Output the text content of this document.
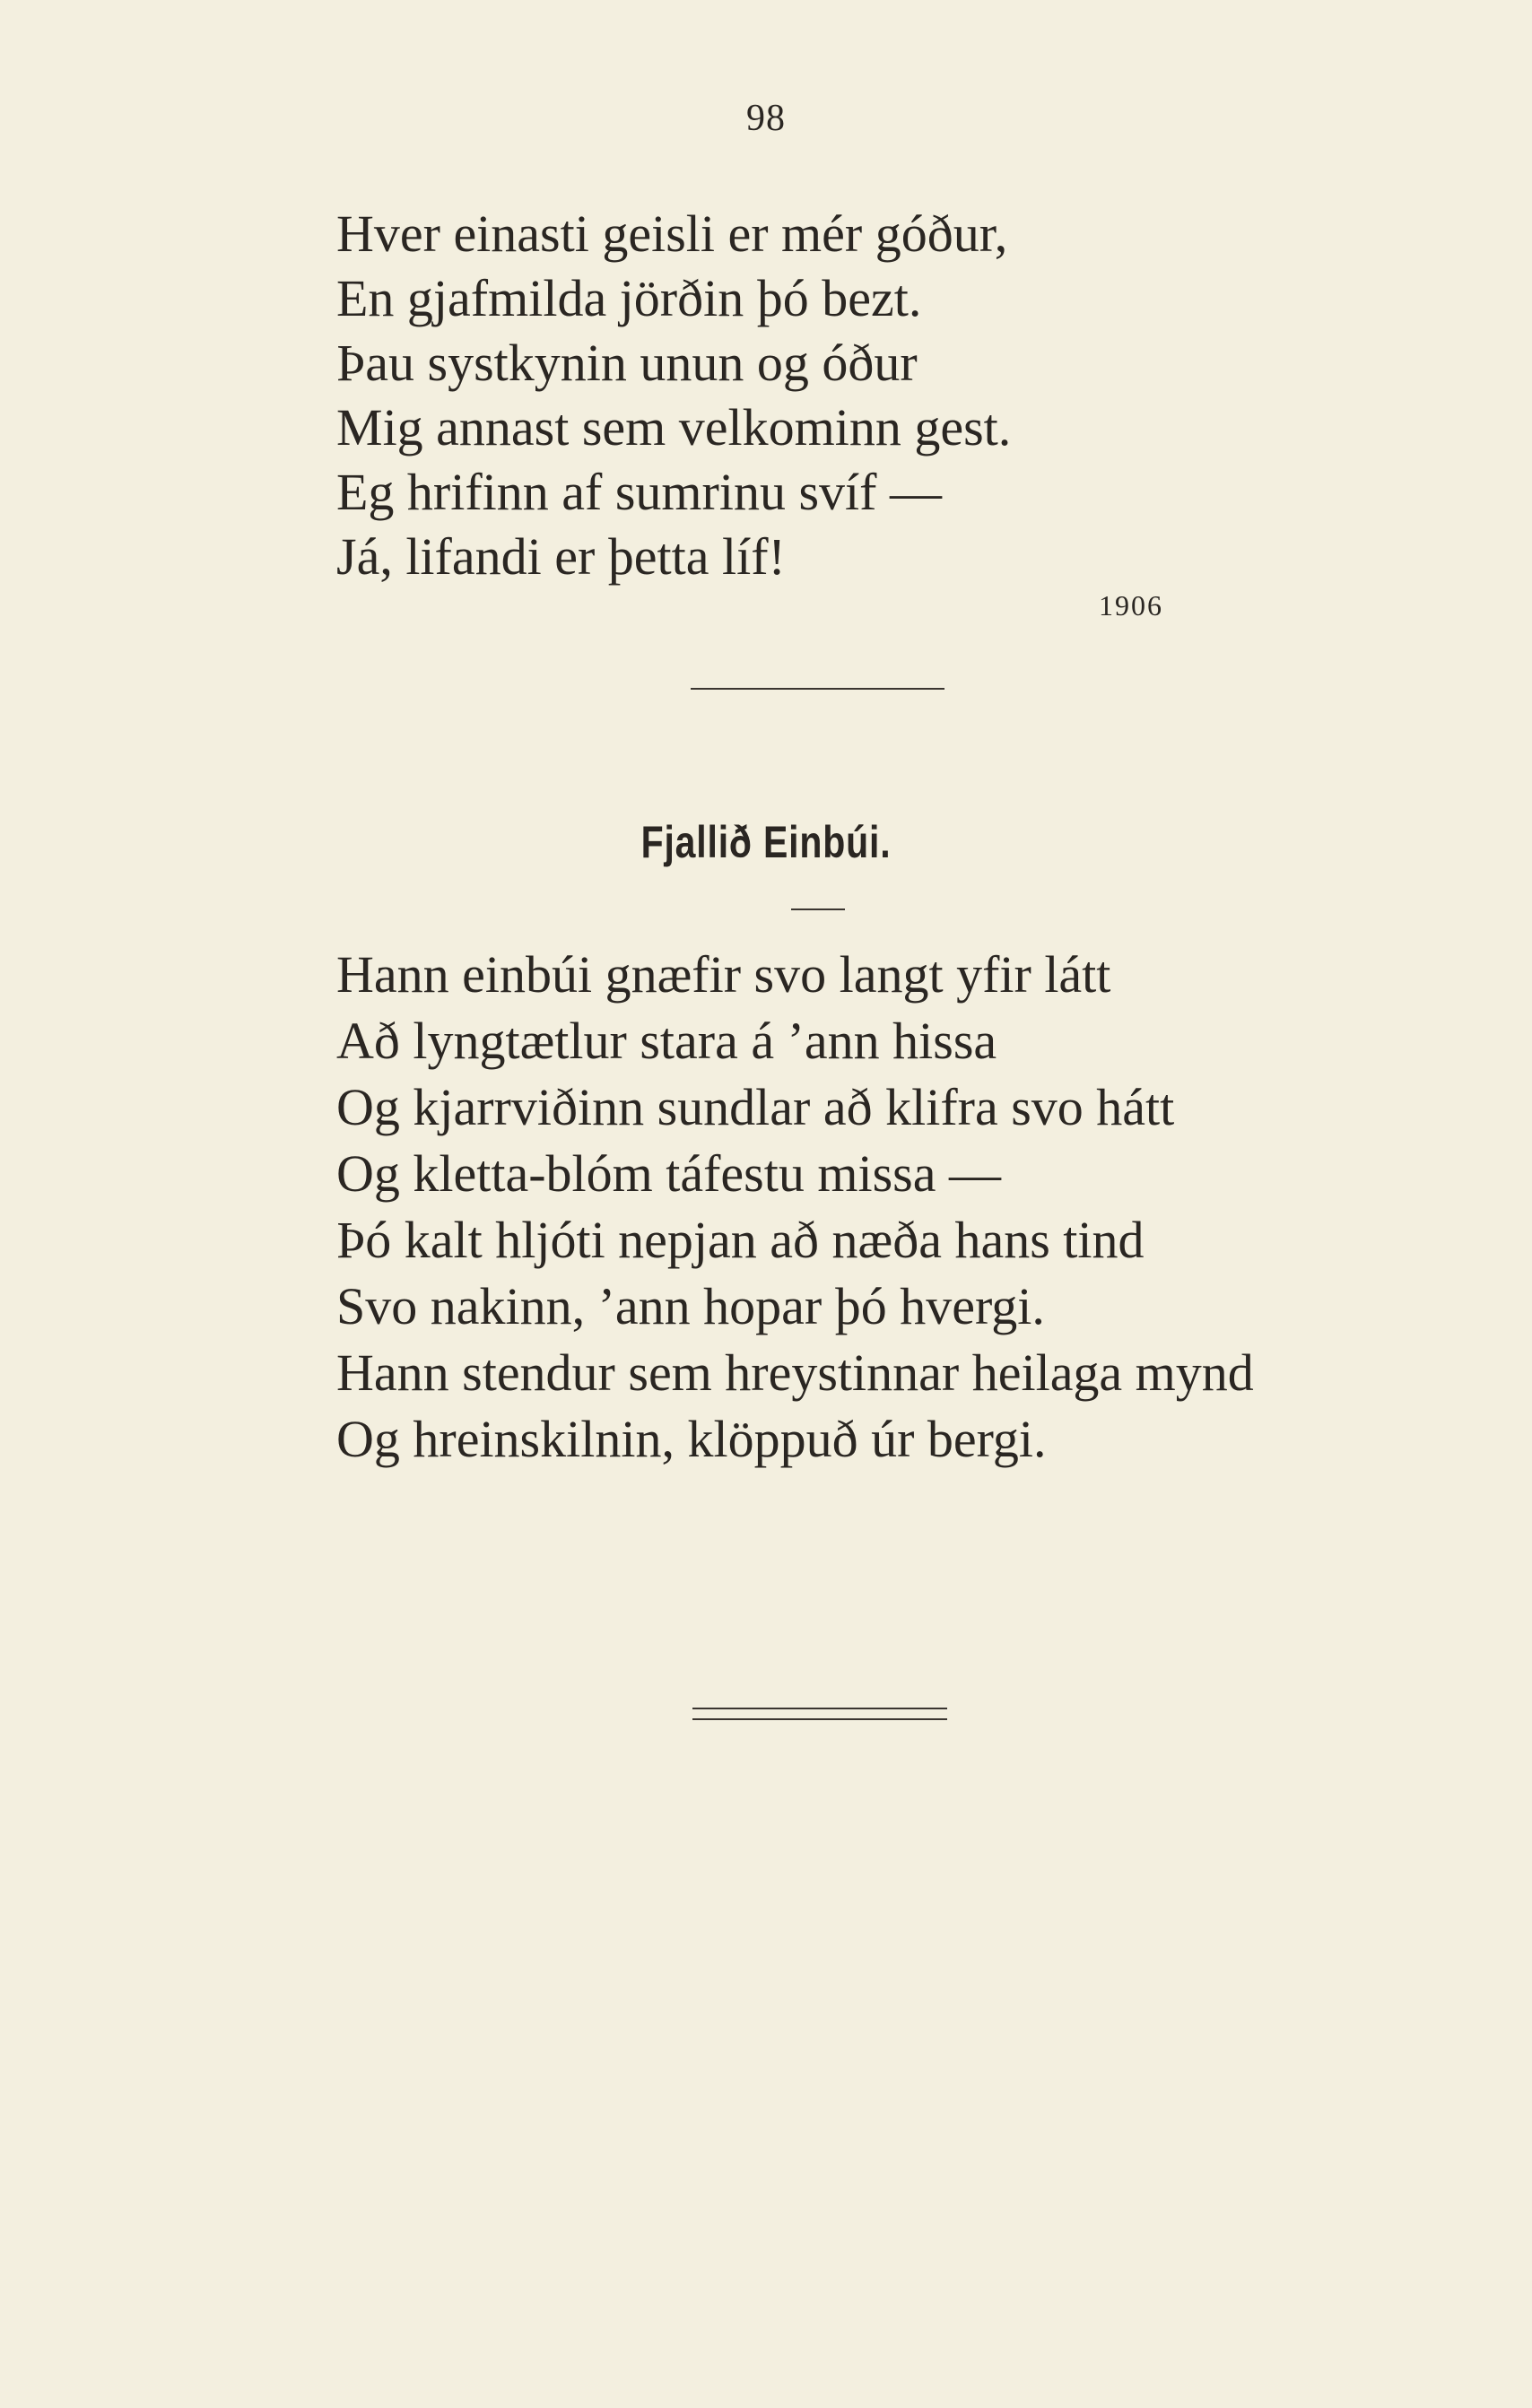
98
Hver einasti geisli er mér góður,
En gjafmilda jörðin þó bezt.
Þau systkynin unun og óður
Mig annast sem velkominn gest.
Eg hrifinn af sumrinu svíf —
Já, lifandi er þetta líf!
1906
Fjallið Einbúi.
Hann einbúi gnæfir svo langt yfir látt
Að lyngtætlur stara á ’ann hissa
Og kjarrviðinn sundlar að klifra svo hátt
Og kletta-blóm táfestu missa —
Þó kalt hljóti nepjan að næða hans tind
Svo nakinn, ’ann hopar þó hvergi.
Hann stendur sem hreystinnar heilaga mynd
Og hreinskilnin, klöppuð úr bergi.
